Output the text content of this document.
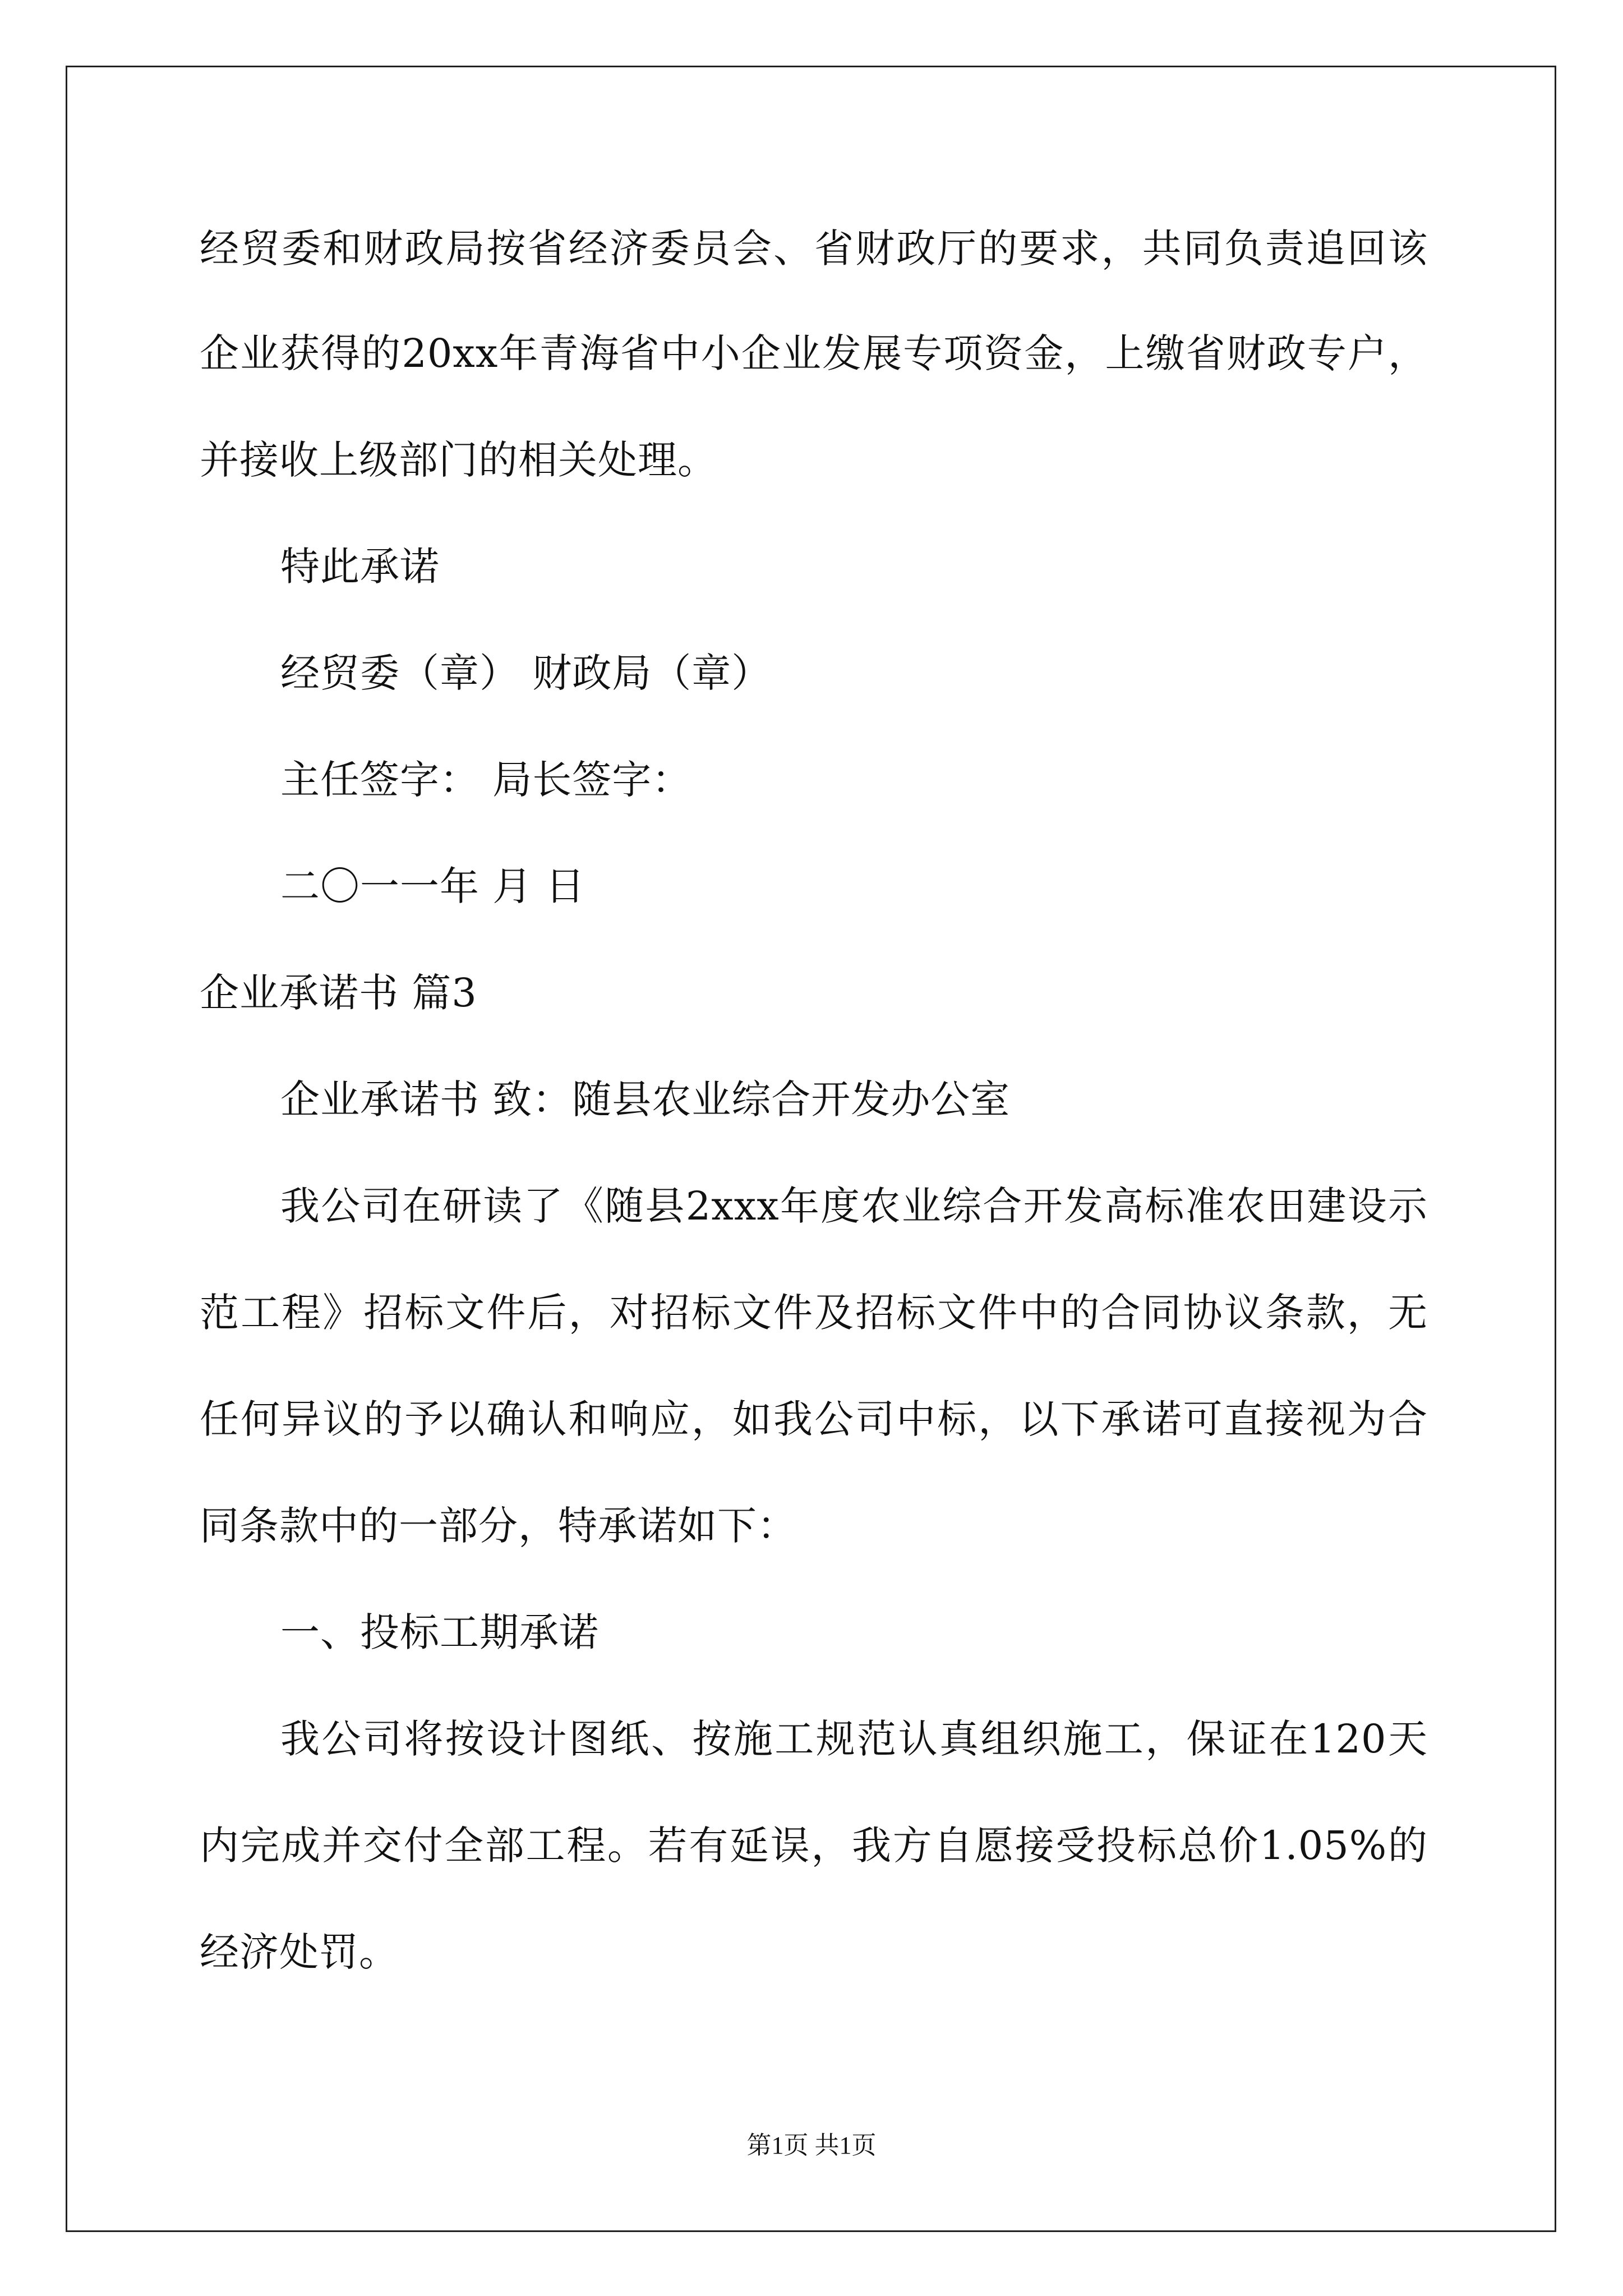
经贸委和财政局按省经济委员会、省财政厅的要求，共同负责追回该
企业获得的20xx年青海省中小企业发展专项资金，上缴省财政专户，
并接收上级部门的相关处理。
特此承诺
经贸委（章） 财政局（章）
主任签字： 局长签字：
二〇一一年 月 日
企业承诺书 篇3
企业承诺书 致：随县农业综合开发办公室
我公司在研读了《随县2xxx年度农业综合开发高标准农田建设示
范工程》招标文件后，对招标文件及招标文件中的合同协议条款，无
任何异议的予以确认和响应，如我公司中标，以下承诺可直接视为合
同条款中的一部分，特承诺如下：
一、投标工期承诺
我公司将按设计图纸、按施工规范认真组织施工，保证在120天
内完成并交付全部工程。若有延误，我方自愿接受投标总价1.05%的
经济处罚。
第1页 共1页
